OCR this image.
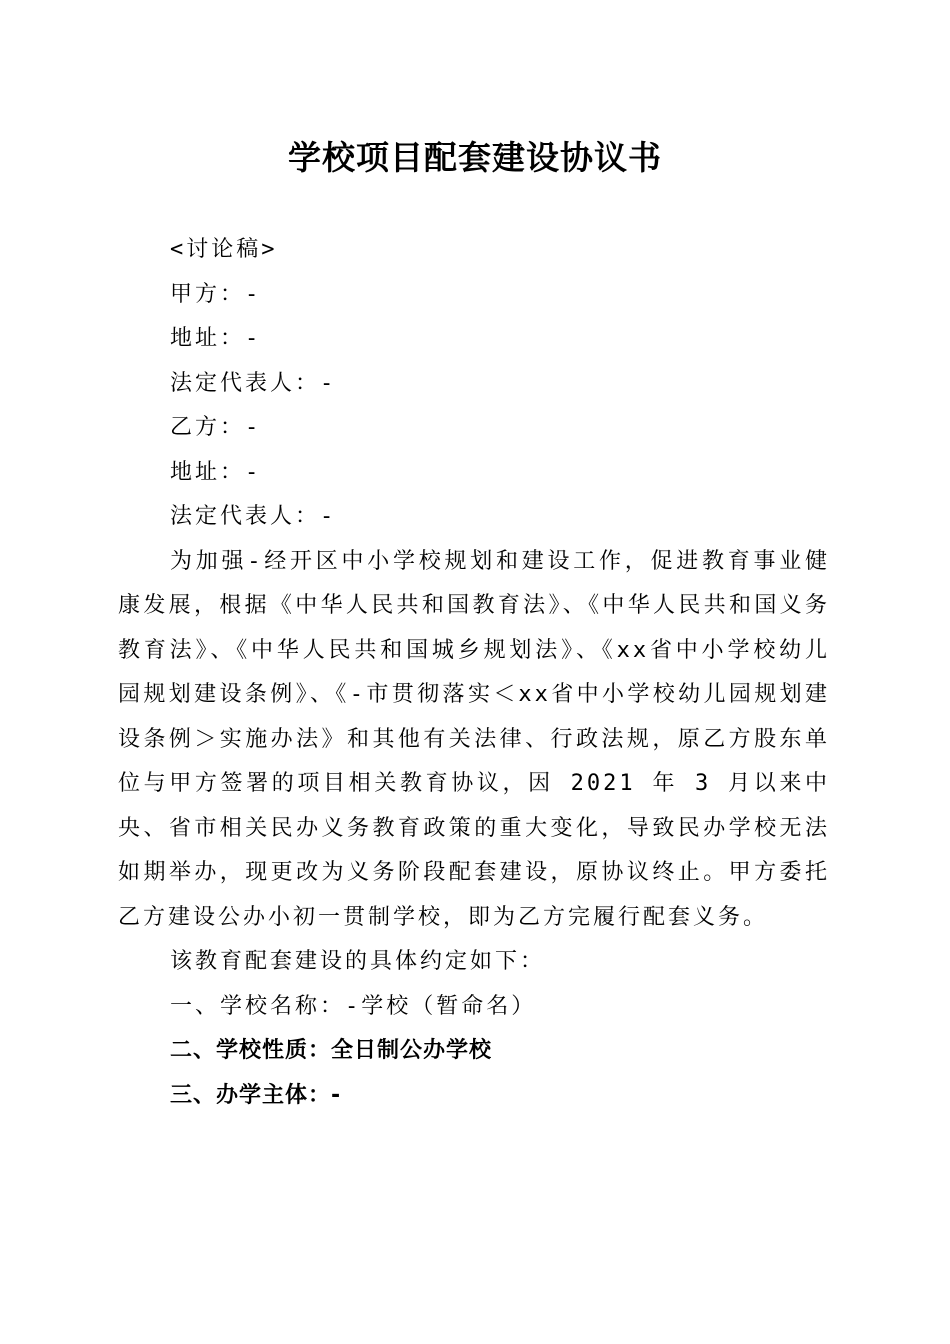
学校项目配套建设协议书

<讨论稿>

甲方：-

地址：-

法定代表人：-

乙方：-

地址：-

法定代表人：-

为加强-经开区中小学校规划和建设工作，促进教育事业健康发展，根据《中华人民共和国教育法》、《中华人民共和国义务教育法》、《中华人民共和国城乡规划法》、《xx省中小学校幼儿园规划建设条例》、《-市贯彻落实＜xx省中小学校幼儿园规划建设条例＞实施办法》和其他有关法律、行政法规，原乙方股东单位与甲方签署的项目相关教育协议，因 2021 年 3 月以来中央、省市相关民办义务教育政策的重大变化，导致民办学校无法如期举办，现更改为义务阶段配套建设，原协议终止。甲方委托乙方建设公办小初一贯制学校，即为乙方完履行配套义务。

该教育配套建设的具体约定如下：

一、学校名称：-学校（暂命名）

二、学校性质：全日制公办学校

三、办学主体：-
